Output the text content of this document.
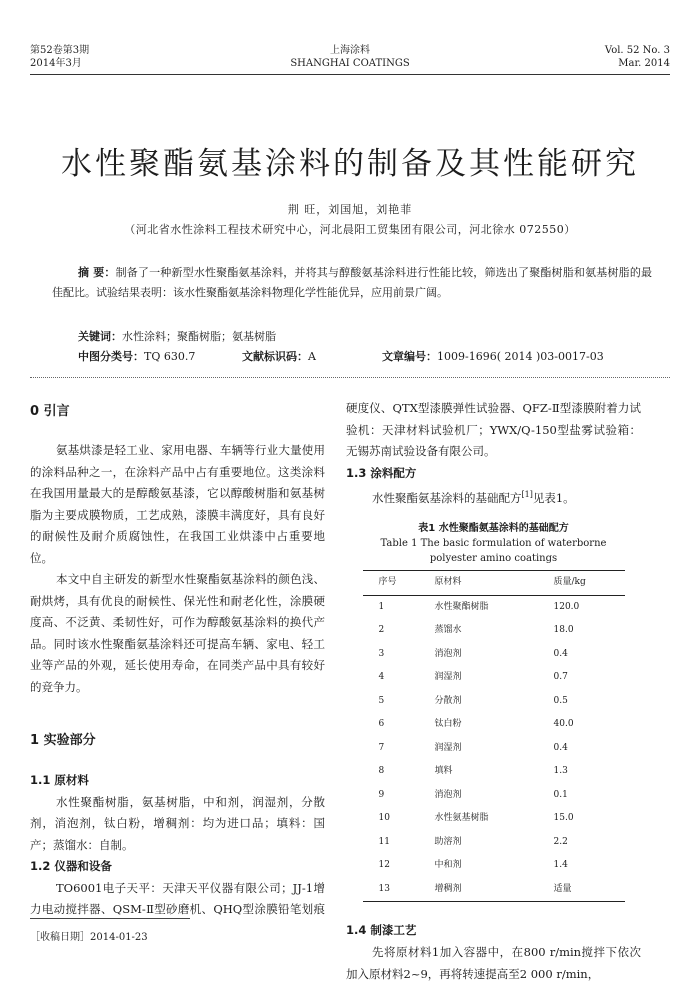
第52卷第3期
2014年3月
上海涂料
SHANGHAI COATINGS
Vol. 52 No. 3
Mar. 2014
水性聚酯氨基涂料的制备及其性能研究
荆 旺，刘国旭，刘艳菲
（河北省水性涂料工程技术研究中心，河北晨阳工贸集团有限公司，河北徐水 072550）

摘 要：制备了一种新型水性聚酯氨基涂料，并将其与醇酸氨基涂料进行性能比较，筛选出了聚酯树脂和氨基树脂的最佳配比。试验结果表明：该水性聚酯氨基涂料物理化学性能优异，应用前景广阔。

关键词：水性涂料；聚酯树脂；氨基树脂
中图分类号：TQ 630.7	文献标识码：A	文章编号：1009-1696( 2014 )03-0017-03
0 引言

氨基烘漆是轻工业、家用电器、车辆等行业大量使用的涂料品种之一，在涂料产品中占有重要地位。这类涂料在我国用量最大的是醇酸氨基漆，它以醇酸树脂和氨基树脂为主要成膜物质，工艺成熟，漆膜丰满度好，具有良好的耐候性及耐介质腐蚀性，在我国工业烘漆中占重要地位。

本文中自主研发的新型水性聚酯氨基涂料的颜色浅、耐烘烤，具有优良的耐候性、保光性和耐老化性，涂膜硬度高、不泛黄、柔韧性好，可作为醇酸氨基涂料的换代产品。同时该水性聚酯氨基涂料还可提高车辆、家电、轻工业等产品的外观，延长使用寿命，在同类产品中具有较好的竞争力。

1 实验部分
1.1 原材料

水性聚酯树脂，氨基树脂，中和剂，润湿剂，分散剂，消泡剂，钛白粉，增稠剂：均为进口品；填料：国产；蒸馏水：自制。

1.2 仪器和设备

TO6001电子天平：天津天平仪器有限公司；JJ-1增力电动搅拌器、QSM-Ⅱ型砂磨机、QHQ型涂膜铅笔划痕

［收稿日期］2014-01-23

硬度仪、QTX型漆膜弹性试验器、QFZ-Ⅱ型漆膜附着力试验机：天津材料试验机厂；YWX/Q-150型盐雾试验箱：无锡苏南试验设备有限公司。

1.3 涂料配方

水性聚酯氨基涂料的基础配方[1]见表1。

表1 水性聚酯氨基涂料的基础配方
Table 1 The basic formulation of waterborne
polyester amino coatings
序号	原材料	质量/kg
1	水性聚酯树脂	120.0
2	蒸馏水	18.0
3	消泡剂	0.4
4	润湿剂	0.7
5	分散剂	0.5
6	钛白粉	40.0
7	润湿剂	0.4
8	填料	1.3
9	消泡剂	0.1
10	水性氨基树脂	15.0
11	助溶剂	2.2
12	中和剂	1.4
13	增稠剂	适量
1.4 制漆工艺

先将原材料1加入容器中，在800 r/min搅拌下依次加入原材料2~9，再将转速提高至2 000 r/min，
